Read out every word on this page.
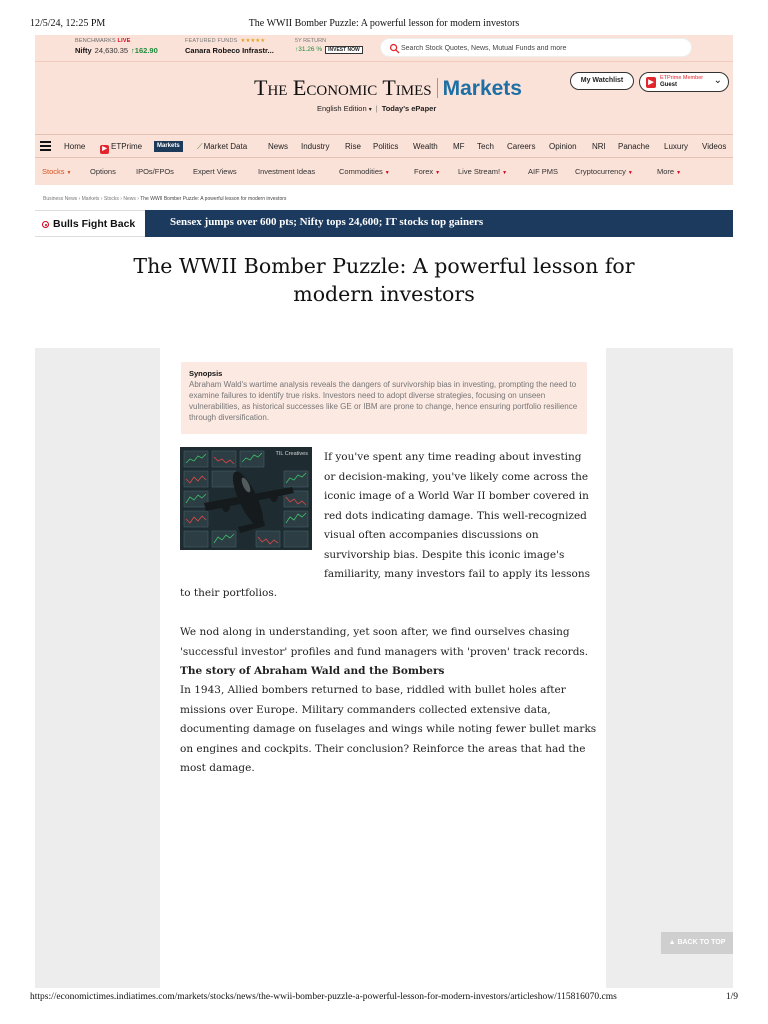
12/5/24, 12:25 PM	The WWII Bomber Puzzle: A powerful lesson for modern investors
BENCHMARKS LIVE
Nifty 24,630.35 ↑162.90
FEATURED FUNDS ★★★★★
Canara Robeco Infrastr...
5Y RETURN
↑31.26 % INVEST NOW
Search Stock Quotes, News, Mutual Funds and more
The Economic Times Markets
English Edition ▾ | Today's ePaper
My Watchlist	▶
ETPrime Member
Guest	⌄
Home	▶ ETPrime	Markets	⟋Market Data	News Industry Rise Politics Wealth MF Tech Careers Opinion NRI Panache Luxury Videos
Stocks ▼ Options	IPOs/FPOs	Expert Views	Investment Ideas	Commodities ▼	Forex ▼ Live Stream! ▼	AIF PMS Cryptocurrency ▼	More ▼
Business News › Markets › Stocks › News › The WWII Bomber Puzzle: A powerful lesson for modern investors
Bulls Fight Back	Sensex jumps over 600 pts; Nifty tops 24,600; IT stocks top gainers
The WWII Bomber Puzzle: A powerful lesson for modern investors
Synopsis
Abraham Wald's wartime analysis reveals the dangers of survivorship bias in investing, prompting the need to examine failures to identify true risks. Investors need to adopt diverse strategies, focusing on unseen vulnerabilities, as historical successes like GE or IBM are prone to change, hence ensuring portfolio resilience through diversification.
TIL Creatives If you've spent any time reading about investing or decision-making, you've likely come across the iconic image of a World War II bomber covered in red dots indicating damage. This well-recognized visual often accompanies discussions on survivorship bias. Despite this iconic image's familiarity, many investors fail to apply its lessons

to their portfolios.

We nod along in understanding, yet soon after, we find ourselves chasing 'successful investor' profiles and fund managers with 'proven' track records.

The story of Abraham Wald and the Bombers

In 1943, Allied bombers returned to base, riddled with bullet holes after missions over Europe. Military commanders collected extensive data, documenting damage on fuselages and wings while noting fewer bullet marks on engines and cockpits. Their conclusion? Reinforce the areas that had the most damage.

▲ BACK TO TOP
https://economictimes.indiatimes.com/markets/stocks/news/the-wwii-bomber-puzzle-a-powerful-lesson-for-modern-investors/articleshow/115816070.cms	1/9
